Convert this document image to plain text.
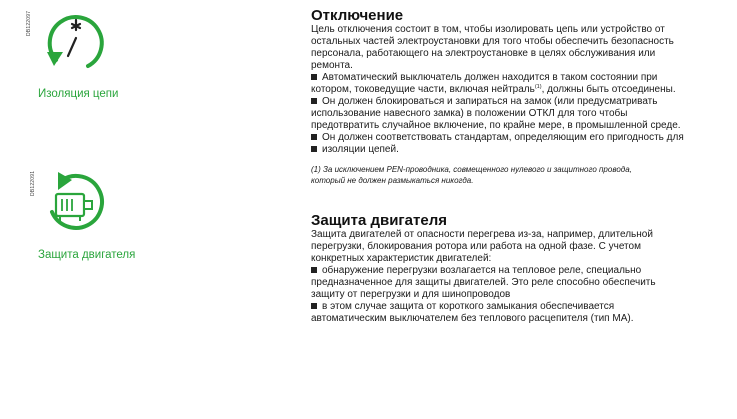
DB122097
Изоляция цепи
DB122091
Защита двигателя
Отключение

Цель отключения состоит в том, чтобы изолировать цепь или устройство от

остальных частей электроустановки для того чтобы обеспечить безопасность

персонала, работающего на электроустановке в целях обслуживания или

ремонта.

Автоматический выключатель должен находится в таком состоянии при

котором, токоведущие части, включая нейтраль$^{(1)}$, должны быть отсоединены.

Он должен блокироваться и запираться на замок (или предусматривать

использование навесного замка) в положении ОТКЛ для того чтобы

предотвратить случайное включение, по крайне мере, в промышленной среде.

Он должен соответствовать стандартам, определяющим его пригодность для

изоляции цепей.

(1) За исключением PEN-проводника, совмещенного нулевого и защитного провода,

который не должен размыкаться никогда.

Защита двигателя

Защита двигателей от опасности перегрева из-за, например, длительной

перегрузки, блокирования ротора или работа на одной фазе. С учетом

конкретных характеристик двигателей:

обнаружение перегрузки возлагается на тепловое реле, специально

предназначенное для защиты двигателей. Это реле способно обеспечить

защиту от перегрузки и для шинопроводов

в этом случае защита от короткого замыкания обеспечивается

автоматическим выключателем без теплового расцепителя (тип МА).
